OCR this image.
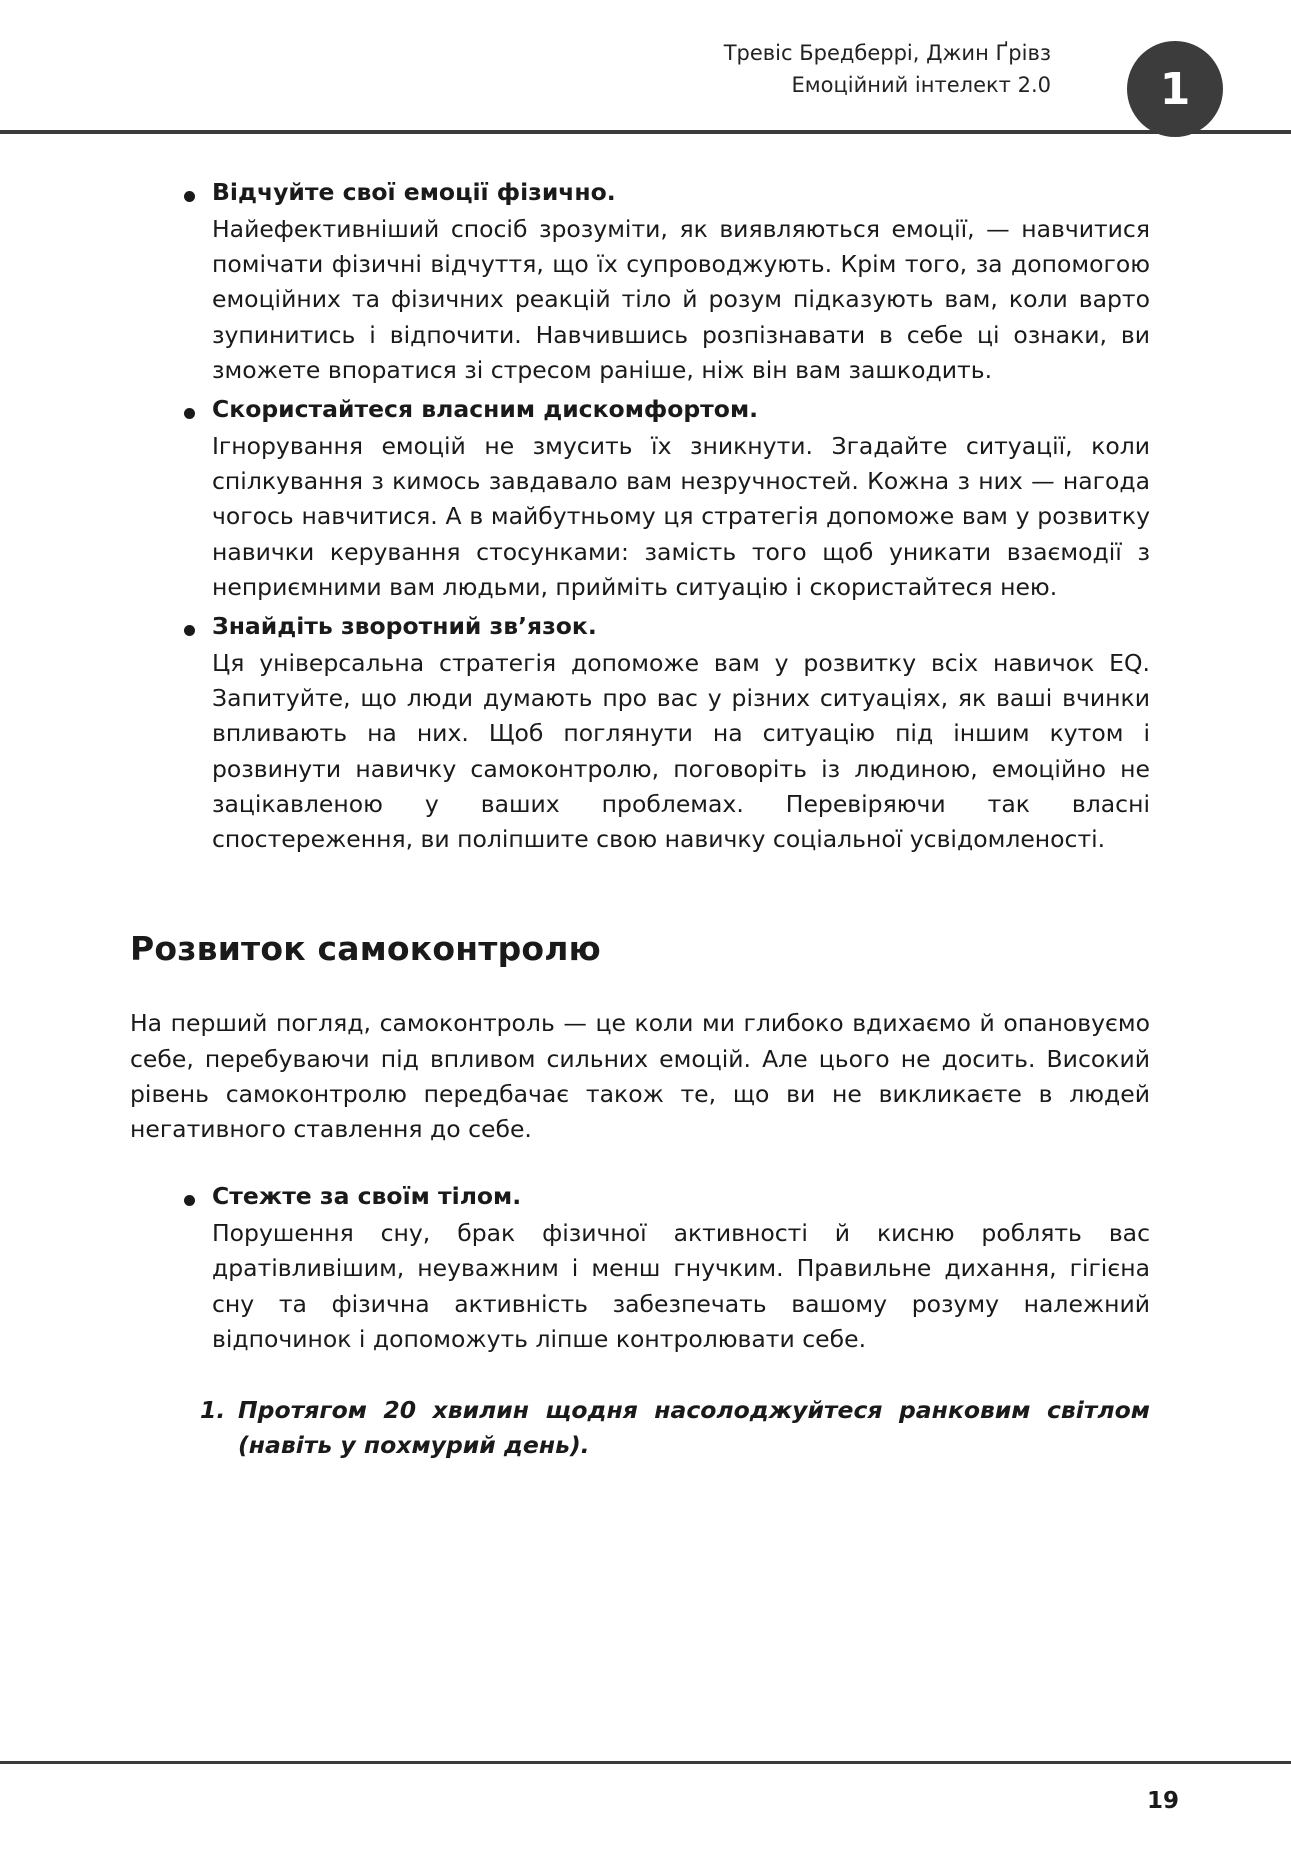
Тревіс Бредберрі, Джин Ґрівз
Емоційний інтелект 2.0	1
Відчуйте свої емоції фізично.
Найефективніший спосіб зрозуміти, як виявляються емоції, — навчитися помічати фізичні відчуття, що їх супроводжують. Крім того, за допомогою емоційних та фізичних реакцій тіло й розум підказують вам, коли варто зупинитись і відпочити. Навчившись розпізнавати в себе ці ознаки, ви зможете впоратися зі стресом раніше, ніж він вам зашкодить.
Скористайтеся власним дискомфортом.
Ігнорування емоцій не змусить їх зникнути. Згадайте ситуації, коли спілкування з кимось завдавало вам незручностей. Кожна з них — нагода чогось навчитися. А в майбутньому ця стратегія допоможе вам у розвитку навички керування стосунками: замість того щоб уникати взаємодії з неприємними вам людьми, прийміть ситуацію і скористайтеся нею.
Знайдіть зворотний зв’язок.
Ця універсальна стратегія допоможе вам у розвитку всіх навичок EQ. Запитуйте, що люди думають про вас у різних ситуаціях, як ваші вчинки впливають на них. Щоб поглянути на ситуацію під іншим кутом і розвинути навичку самоконтролю, поговоріть із людиною, емоційно не зацікавленою у ваших проблемах. Перевіряючи так власні спостереження, ви поліпшите свою навичку соціальної усвідомленості.
Розвиток самоконтролю

На перший погляд, самоконтроль — це коли ми глибоко вдихаємо й опановуємо себе, перебуваючи під впливом сильних емоцій. Але цього не досить. Високий рівень самоконтролю передбачає також те, що ви не викликаєте в людей негативного ставлення до себе.

Стежте за своїм тілом.
Порушення сну, брак фізичної активності й кисню роблять вас дратівливішим, неуважним і менш гнучким. Правильне дихання, гігієна сну та фізична активність забезпечать вашому розуму належний відпочинок і допоможуть ліпше контролювати себе.
1. Протягом 20 хвилин щодня насолоджуйтеся ранковим світлом (навіть у похмурий день).
19
